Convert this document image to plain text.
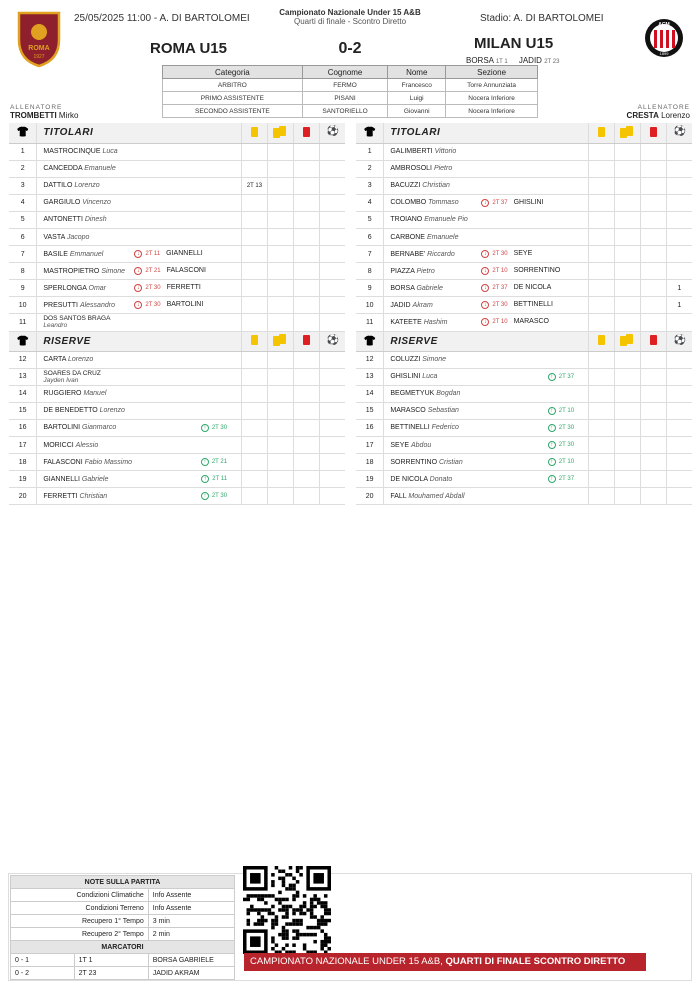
ROMA
1927
25/05/2025 11:00 - A. DI BARTOLOMEI
Campionato Nazionale Under 15 A&B
Quarti di finale - Scontro Diretto	Stadio: A. DI BARTOLOMEI
ACM
1899
ROMA U15	0-2	MILAN U15
BORSA 1T 1 JADID 2T 23
Categoria	Cognome	Nome	Sezione
ARBITRO	FERMO	Francesco	Torre Annunziata
PRIMO ASSISTENTE	PISANI	Luigi	Nocera Inferiore
SECONDO ASSISTENTE	SANTORIELLO	Giovanni	Nocera Inferiore
ALLENATORE
TROMBETTI Mirko
ALLENATORE
CRESTA Lorenzo
👕	TITOLARI				⚽
1	MASTROCINQUE Luca				
2	CANCEDDA Emanuele				
3	DATTILO Lorenzo	2T 13			
4	GARGIULO Vincenzo				
5	ANTONETTI Dinesh				
6	VASTA Jacopo				
7	BASILE Emmanuel ↓ 2T 11 GIANNELLI				

8	MASTROPIETRO Simone ↓ 2T 21 FALASCONI				

9	SPERLONGA Omar ↓ 2T 30 FERRETTI				

10	PRESUTTI Alessandro ↓ 2T 30 BARTOLINI				

11	DOS SANTOS BRAGA
Leandro				

👕	RISERVE				⚽
12	CARTA Lorenzo				
13	SOARES DA CRUZ
Jayden Ivan				

14	RUGGIERO Manuel				
15	DE BENEDETTO Lorenzo				
16	BARTOLINI Gianmarco ↑ 2T 30				

17	MORICCI Alessio				
18	FALASCONI Fabio Massimo ↑ 2T 21				

19	GIANNELLI Gabriele ↑ 2T 11				

20	FERRETTI Christian ↑ 2T 30				

👕	TITOLARI				⚽
1	GALIMBERTI Vittorio				
2	AMBROSOLI Pietro				
3	BACUZZI Christian				
4	COLOMBO Tommaso ↓ 2T 37 GHISLINI				

5	TROIANO Emanuele Pio				
6	CARBONE Emanuele				
7	BERNABE' Riccardo ↓ 2T 30 SEYE				

8	PIAZZA Pietro ↓ 2T 10 SORRENTINO				

9	BORSA Gabriele ↓ 2T 37 DE NICOLA				1
10	JADID Akram ↓ 2T 30 BETTINELLI				1
11	KATEETE Hashim ↓ 2T 10 MARASCO				

👕	RISERVE				⚽
12	COLUZZI Simone				
13	GHISLINI Luca ↑ 2T 37				

14	BEGMETYUK Bogdan				
15	MARASCO Sebastian ↑ 2T 10				

16	BETTINELLI Federico ↑ 2T 30				

17	SEYE Abdou ↑ 2T 30				

18	SORRENTINO Cristian ↑ 2T 10				

19	DE NICOLA Donato ↑ 2T 37				

20	FALL Mouhamed Abdall				
NOTE SULLA PARTITA		
Condizioni Climatiche		Info Assente
Condizioni Terreno		Info Assente
Recupero 1° Tempo		3 min
Recupero 2° Tempo		2 min
MARCATORI		
0 - 1	1T 1	BORSA GABRIELE
0 - 2	2T 23	JADID AKRAM
CAMPIONATO NAZIONALE UNDER 15 A&B, QUARTI DI FINALE SCONTRO DIRETTO
